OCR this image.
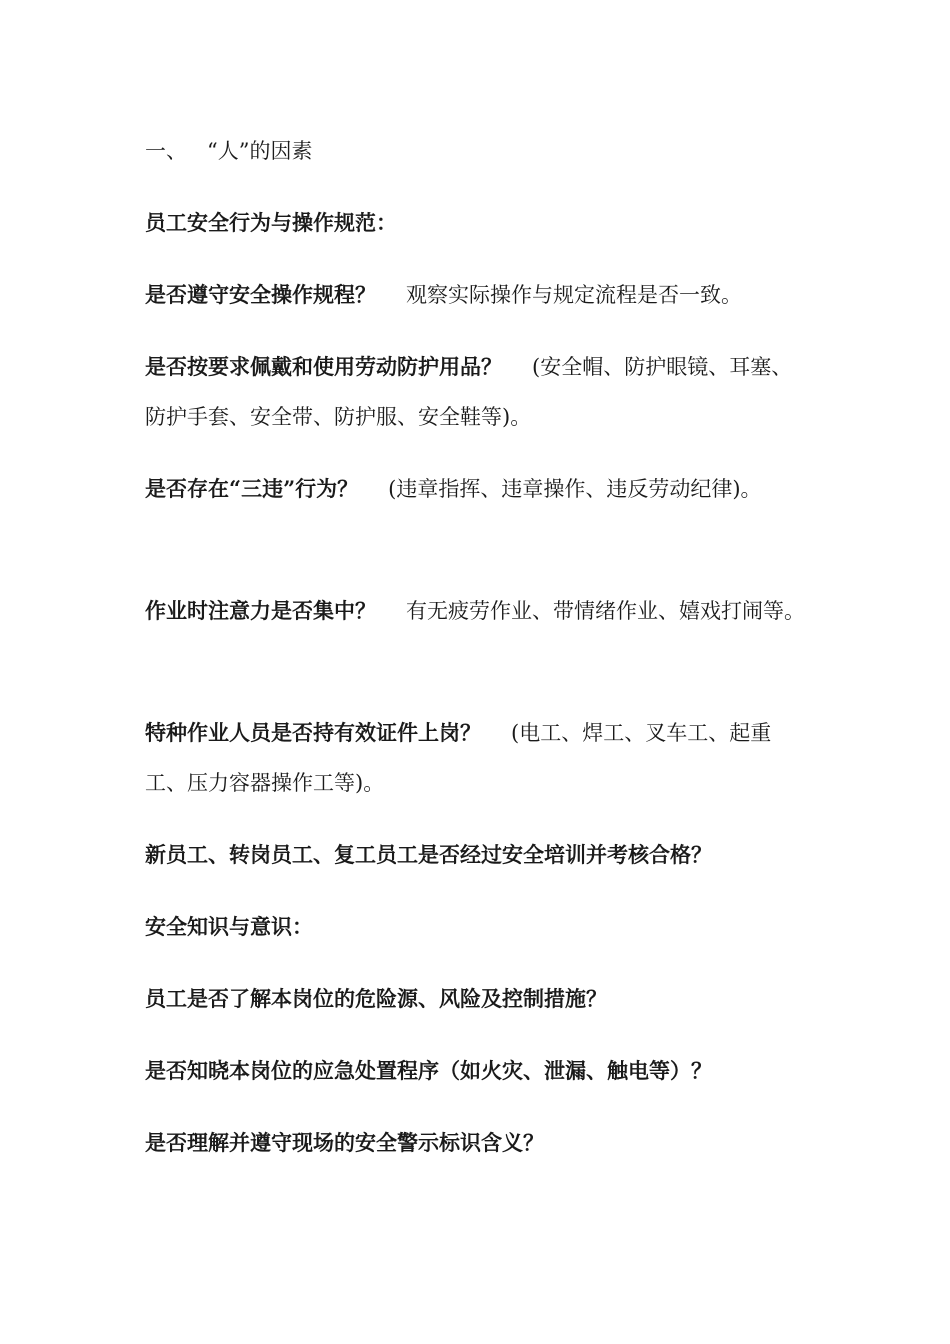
一、 “人”的因素
员工安全行为与操作规范：
是否遵守安全操作规程？ 观察实际操作与规定流程是否一致。
是否按要求佩戴和使用劳动防护用品？ (安全帽、防护眼镜、耳塞、防护手套、安全带、防护服、安全鞋等)。
是否存在“三违”行为？ (违章指挥、违章操作、违反劳动纪律)。
作业时注意力是否集中？ 有无疲劳作业、带情绪作业、嬉戏打闹等。
特种作业人员是否持有效证件上岗？ (电工、焊工、叉车工、起重工、压力容器操作工等)。
新员工、转岗员工、复工员工是否经过安全培训并考核合格？
安全知识与意识：
员工是否了解本岗位的危险源、风险及控制措施？
是否知晓本岗位的应急处置程序（如火灾、泄漏、触电等）？
是否理解并遵守现场的安全警示标识含义？
